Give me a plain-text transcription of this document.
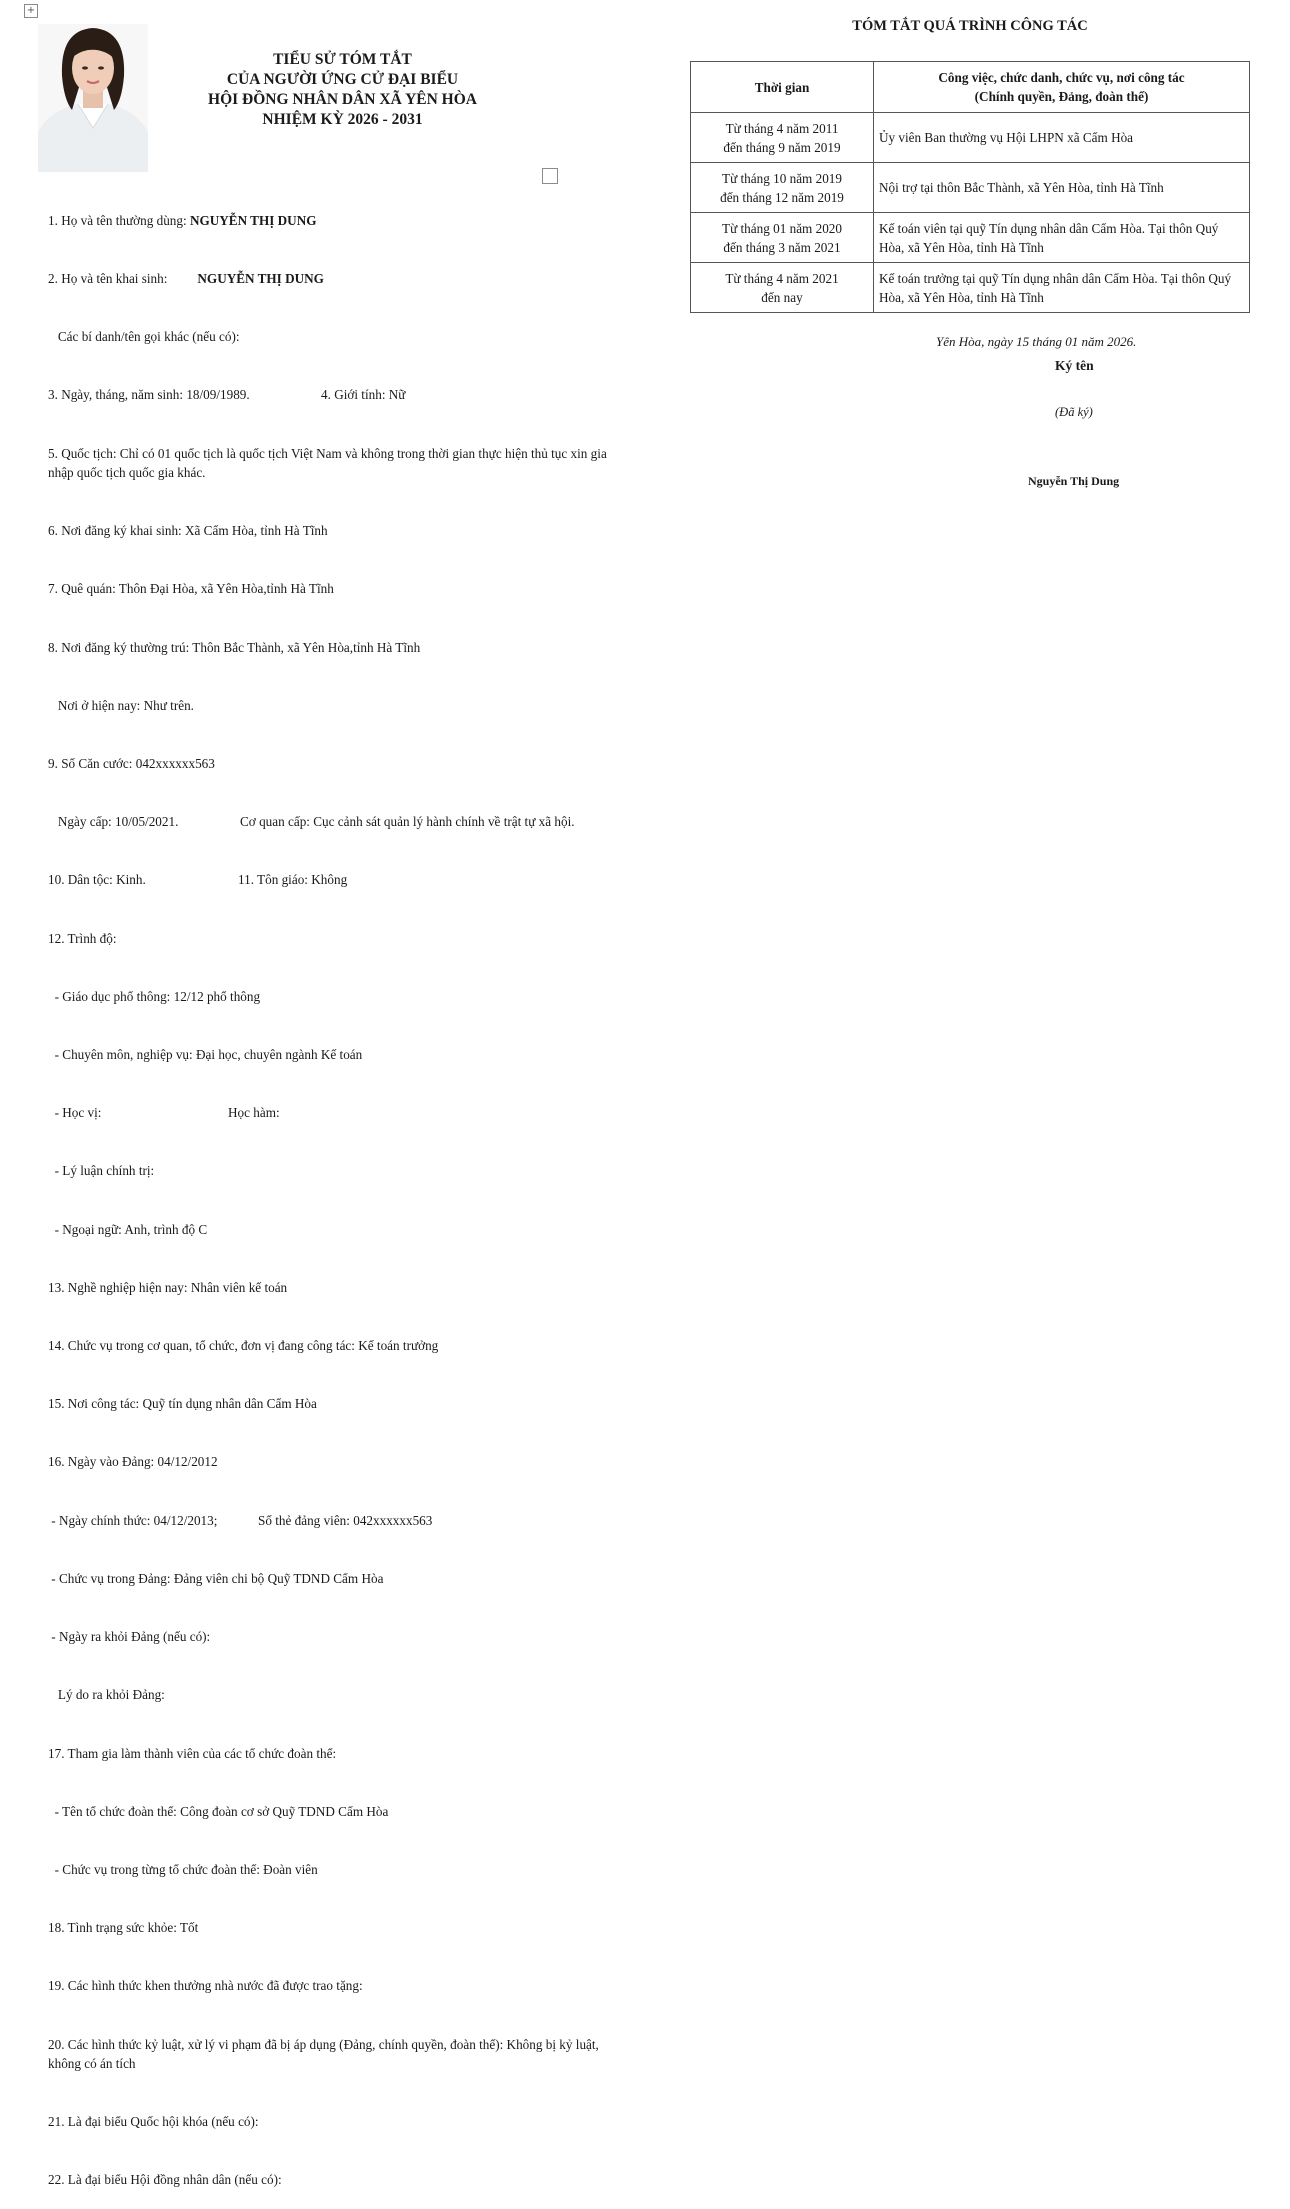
+
TIỂU SỬ TÓM TẮT
CỦA NGƯỜI ỨNG CỬ ĐẠI BIỂU
HỘI ĐỒNG NHÂN DÂN XÃ YÊN HÒA
NHIỆM KỲ 2026 - 2031

1. Họ và tên thường dùng: NGUYỄN THỊ DUNG

2. Họ và tên khai sinh: NGUYỄN THỊ DUNG

Các bí danh/tên gọi khác (nếu có):

3. Ngày, tháng, năm sinh: 18/09/1989.	4. Giới tính: Nữ

5. Quốc tịch: Chỉ có 01 quốc tịch là quốc tịch Việt Nam và không trong thời gian thực hiện thủ tục xin gia nhập quốc tịch quốc gia khác.

6. Nơi đăng ký khai sinh: Xã Cẩm Hòa, tỉnh Hà Tĩnh

7. Quê quán: Thôn Đại Hòa, xã Yên Hòa,tỉnh Hà Tĩnh

8. Nơi đăng ký thường trú: Thôn Bắc Thành, xã Yên Hòa,tỉnh Hà Tĩnh

Nơi ở hiện nay: Như trên.

9. Số Căn cước: 042xxxxxx563

Ngày cấp: 10/05/2021.	Cơ quan cấp: Cục cảnh sát quản lý hành chính về trật tự xã hội.

10. Dân tộc: Kinh.	11. Tôn giáo: Không

12. Trình độ:

- Giáo dục phổ thông: 12/12 phổ thông

- Chuyên môn, nghiệp vụ: Đại học, chuyên ngành Kế toán

- Học vị:	Học hàm:

- Lý luận chính trị:

- Ngoại ngữ: Anh, trình độ C

13. Nghề nghiệp hiện nay: Nhân viên kế toán

14. Chức vụ trong cơ quan, tổ chức, đơn vị đang công tác: Kế toán trưởng

15. Nơi công tác: Quỹ tín dụng nhân dân Cẩm Hòa

16. Ngày vào Đảng: 04/12/2012

- Ngày chính thức: 04/12/2013;	Số thẻ đảng viên: 042xxxxxx563

- Chức vụ trong Đảng: Đảng viên chi bộ Quỹ TDND Cẩm Hòa

- Ngày ra khỏi Đảng (nếu có):

Lý do ra khỏi Đảng:

17. Tham gia làm thành viên của các tổ chức đoàn thể:

- Tên tổ chức đoàn thể: Công đoàn cơ sở Quỹ TDND Cẩm Hòa

- Chức vụ trong từng tổ chức đoàn thể: Đoàn viên

18. Tình trạng sức khỏe: Tốt

19. Các hình thức khen thưởng nhà nước đã được trao tặng:

20. Các hình thức kỷ luật, xử lý vi phạm đã bị áp dụng (Đảng, chính quyền, đoàn thể): Không bị kỷ luật, không có án tích

21. Là đại biểu Quốc hội khóa (nếu có):

22. Là đại biểu Hội đồng nhân dân (nếu có):

TÓM TẮT QUÁ TRÌNH CÔNG TÁC
Thời gian	Công việc, chức danh, chức vụ, nơi công tác
(Chính quyền, Đảng, đoàn thể)

Từ tháng 4 năm 2011
đến tháng 9 năm 2019	Ủy viên Ban thường vụ Hội LHPN xã Cẩm Hòa

Từ tháng 10 năm 2019
đến tháng 12 năm 2019	Nội trợ tại thôn Bắc Thành, xã Yên Hòa, tỉnh Hà Tĩnh

Từ tháng 01 năm 2020
đến tháng 3 năm 2021	Kế toán viên tại quỹ Tín dụng nhân dân Cẩm Hòa. Tại thôn Quý Hòa, xã Yên Hòa, tỉnh Hà Tĩnh

Từ tháng 4 năm 2021
đến nay	Kế toán trưởng tại quỹ Tín dụng nhân dân Cẩm Hòa. Tại thôn Quý Hòa, xã Yên Hòa, tỉnh Hà Tĩnh
Yên Hòa, ngày 15 tháng 01 năm 2026.
Ký tên
(Đã ký)
Nguyễn Thị Dung
